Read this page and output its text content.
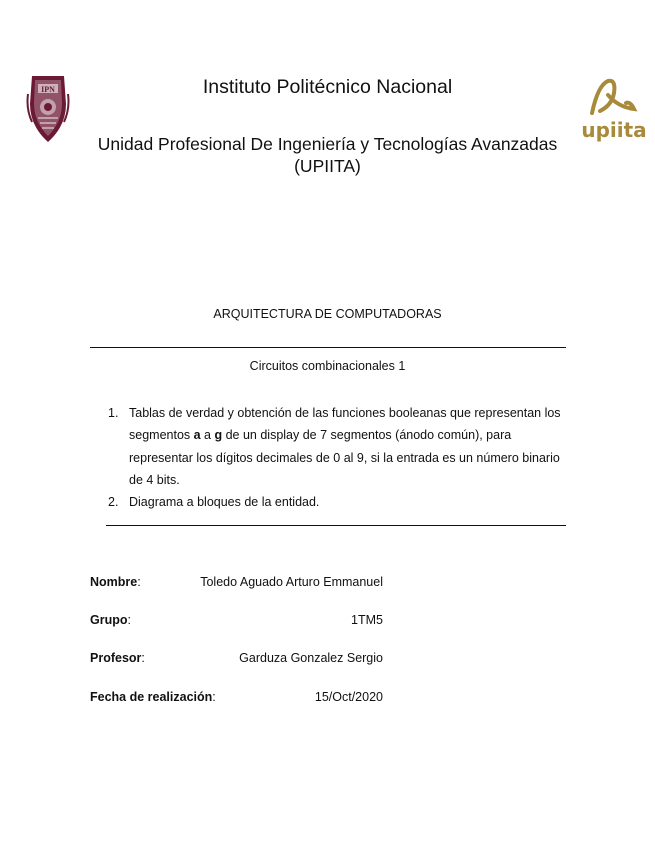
IPN
upiita
Instituto Politécnico Nacional
Unidad Profesional De Ingeniería y Tecnologías Avanzadas (UPIITA)
ARQUITECTURA DE COMPUTADORAS
Circuitos combinacionales 1
1. Tablas de verdad y obtención de las funciones booleanas que representan los segmentos a a g de un display de 7 segmentos (ánodo común), para representar los dígitos decimales de 0 al 9, si la entrada es un número binario de 4 bits.
2. Diagrama a bloques de la entidad.
Nombre:	Toledo Aguado Arturo Emmanuel
Grupo:	1TM5
Profesor:	Garduza Gonzalez Sergio
Fecha de realización:	15/Oct/2020
